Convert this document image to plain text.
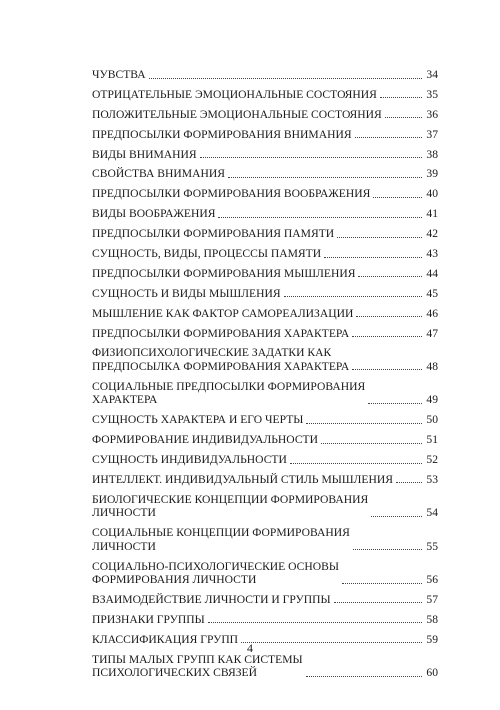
ЧУВСТВА	34
ОТРИЦАТЕЛЬНЫЕ ЭМОЦИОНАЛЬНЫЕ СОСТОЯНИЯ	35
ПОЛОЖИТЕЛЬНЫЕ ЭМОЦИОНАЛЬНЫЕ СОСТОЯНИЯ	36
ПРЕДПОСЫЛКИ ФОРМИРОВАНИЯ ВНИМАНИЯ	37
ВИДЫ ВНИМАНИЯ	38
СВОЙСТВА ВНИМАНИЯ	39
ПРЕДПОСЫЛКИ ФОРМИРОВАНИЯ ВООБРАЖЕНИЯ	40
ВИДЫ ВООБРАЖЕНИЯ	41
ПРЕДПОСЫЛКИ ФОРМИРОВАНИЯ ПАМЯТИ	42
СУЩНОСТЬ, ВИДЫ, ПРОЦЕССЫ ПАМЯТИ	43
ПРЕДПОСЫЛКИ ФОРМИРОВАНИЯ МЫШЛЕНИЯ	44
СУЩНОСТЬ И ВИДЫ МЫШЛЕНИЯ	45
МЫШЛЕНИЕ КАК ФАКТОР САМОРЕАЛИЗАЦИИ	46
ПРЕДПОСЫЛКИ ФОРМИРОВАНИЯ ХАРАКТЕРА	47
ФИЗИОПСИХОЛОГИЧЕСКИЕ ЗАДАТКИ КАК
ПРЕДПОСЫЛКА ФОРМИРОВАНИЯ ХАРАКТЕРА	48
СОЦИАЛЬНЫЕ ПРЕДПОСЫЛКИ ФОРМИРОВАНИЯ
ХАРАКТЕРА	49
СУЩНОСТЬ ХАРАКТЕРА И ЕГО ЧЕРТЫ	50
ФОРМИРОВАНИЕ ИНДИВИДУАЛЬНОСТИ	51
СУЩНОСТЬ ИНДИВИДУАЛЬНОСТИ	52
ИНТЕЛЛЕКТ. ИНДИВИДУАЛЬНЫЙ СТИЛЬ МЫШЛЕНИЯ	53
БИОЛОГИЧЕСКИЕ КОНЦЕПЦИИ ФОРМИРОВАНИЯ
ЛИЧНОСТИ	54
СОЦИАЛЬНЫЕ КОНЦЕПЦИИ ФОРМИРОВАНИЯ
ЛИЧНОСТИ	55
СОЦИАЛЬНО-ПСИХОЛОГИЧЕСКИЕ ОСНОВЫ
ФОРМИРОВАНИЯ ЛИЧНОСТИ	56
ВЗАИМОДЕЙСТВИЕ ЛИЧНОСТИ И ГРУППЫ	57
ПРИЗНАКИ ГРУППЫ	58
КЛАССИФИКАЦИЯ ГРУПП	59
ТИПЫ МАЛЫХ ГРУПП КАК СИСТЕМЫ
ПСИХОЛОГИЧЕСКИХ СВЯЗЕЙ	60
4
